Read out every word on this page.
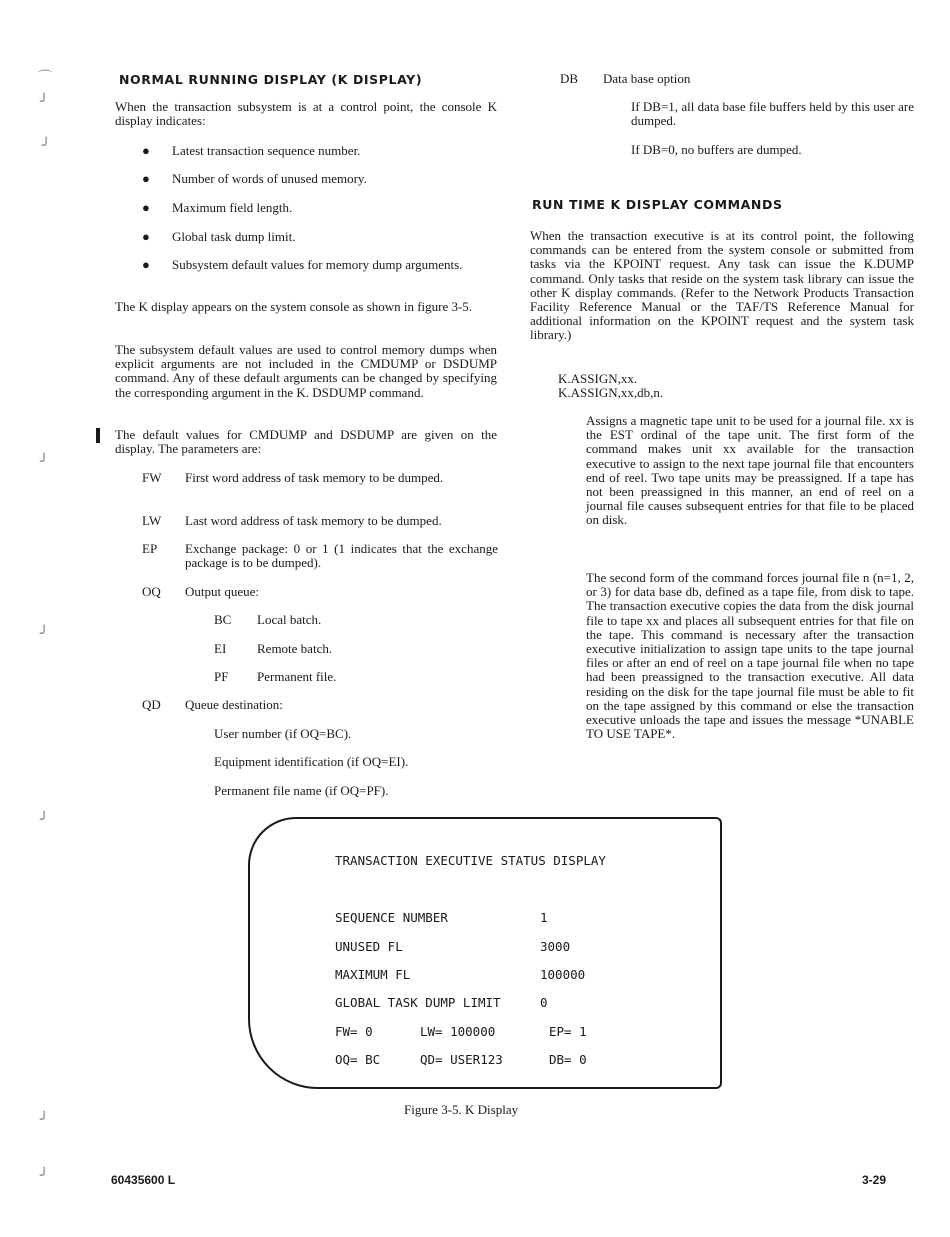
⌒
╯
╯
╯
╯
╯
╯
╯
NORMAL RUNNING DISPLAY (K DISPLAY)

When the transaction subsystem is at a control point, the console K display indicates:

● Latest transaction sequence number.
● Number of words of unused memory.
● Maximum field length.
● Global task dump limit.
● Subsystem default values for memory dump arguments.

The K display appears on the system console as shown in figure 3-5.

The subsystem default values are used to control memory dumps when explicit arguments are not included in the CMDUMP or DSDUMP command. Any of these default arguments can be changed by specifying the corresponding argument in the K. DSDUMP command.

The default values for CMDUMP and DSDUMP are given on the display. The parameters are:

FW	First word address of task memory to be dumped.
LW	Last word address of task memory to be dumped.
EP	Exchange package: 0 or 1 (1 indicates that the exchange package is to be dumped).
OQ	Output queue:
BC Local batch.
EI Remote batch.
PF Permanent file.
QD	Queue destination:
User number (if OQ=BC).
Equipment identification (if OQ=EI).
Permanent file name (if OQ=PF).
DB Data base option

If DB=1, all data base file buffers held by this user are dumped.

If DB=0, no buffers are dumped.

RUN TIME K DISPLAY COMMANDS

When the transaction executive is at its control point, the following commands can be entered from the system console or submitted from tasks via the KPOINT request. Any task can issue the K.DUMP command. Only tasks that reside on the system task library can issue the other K display commands. (Refer to the Network Products Transaction Facility Reference Manual or the TAF/TS Reference Manual for additional information on the KPOINT request and the system task library.)

K.ASSIGN,xx.
K.ASSIGN,xx,db,n.

Assigns a magnetic tape unit to be used for a journal file. xx is the EST ordinal of the tape unit. The first form of the command makes unit xx available for the transaction executive to assign to the next tape journal file that encounters end of reel. Two tape units may be preassigned. If a tape has not been preassigned in this manner, an end of reel on a journal file causes subsequent entries for that file to be placed on disk.

The second form of the command forces journal file n (n=1, 2, or 3) for data base db, defined as a tape file, from disk to tape. The transaction executive copies the data from the disk journal file to tape xx and places all subsequent entries for that file on the tape. This command is necessary after the transaction executive initialization to assign tape units to the tape journal files or after an end of reel on a tape journal file when no tape had been preassigned to the transaction executive. All data residing on the disk for the tape journal file must be able to fit on the tape assigned by this command or else the transaction executive unloads the tape and issues the message *UNABLE TO USE TAPE*.

TRANSACTION EXECUTIVE STATUS DISPLAY
SEQUENCE NUMBER	1
UNUSED FL	3000
MAXIMUM FL	100000
GLOBAL TASK DUMP LIMIT	0
FW= 0	LW= 100000	EP= 1
OQ= BC	QD= USER123	DB= 0
Figure 3-5. K Display
60435600 L	3-29
